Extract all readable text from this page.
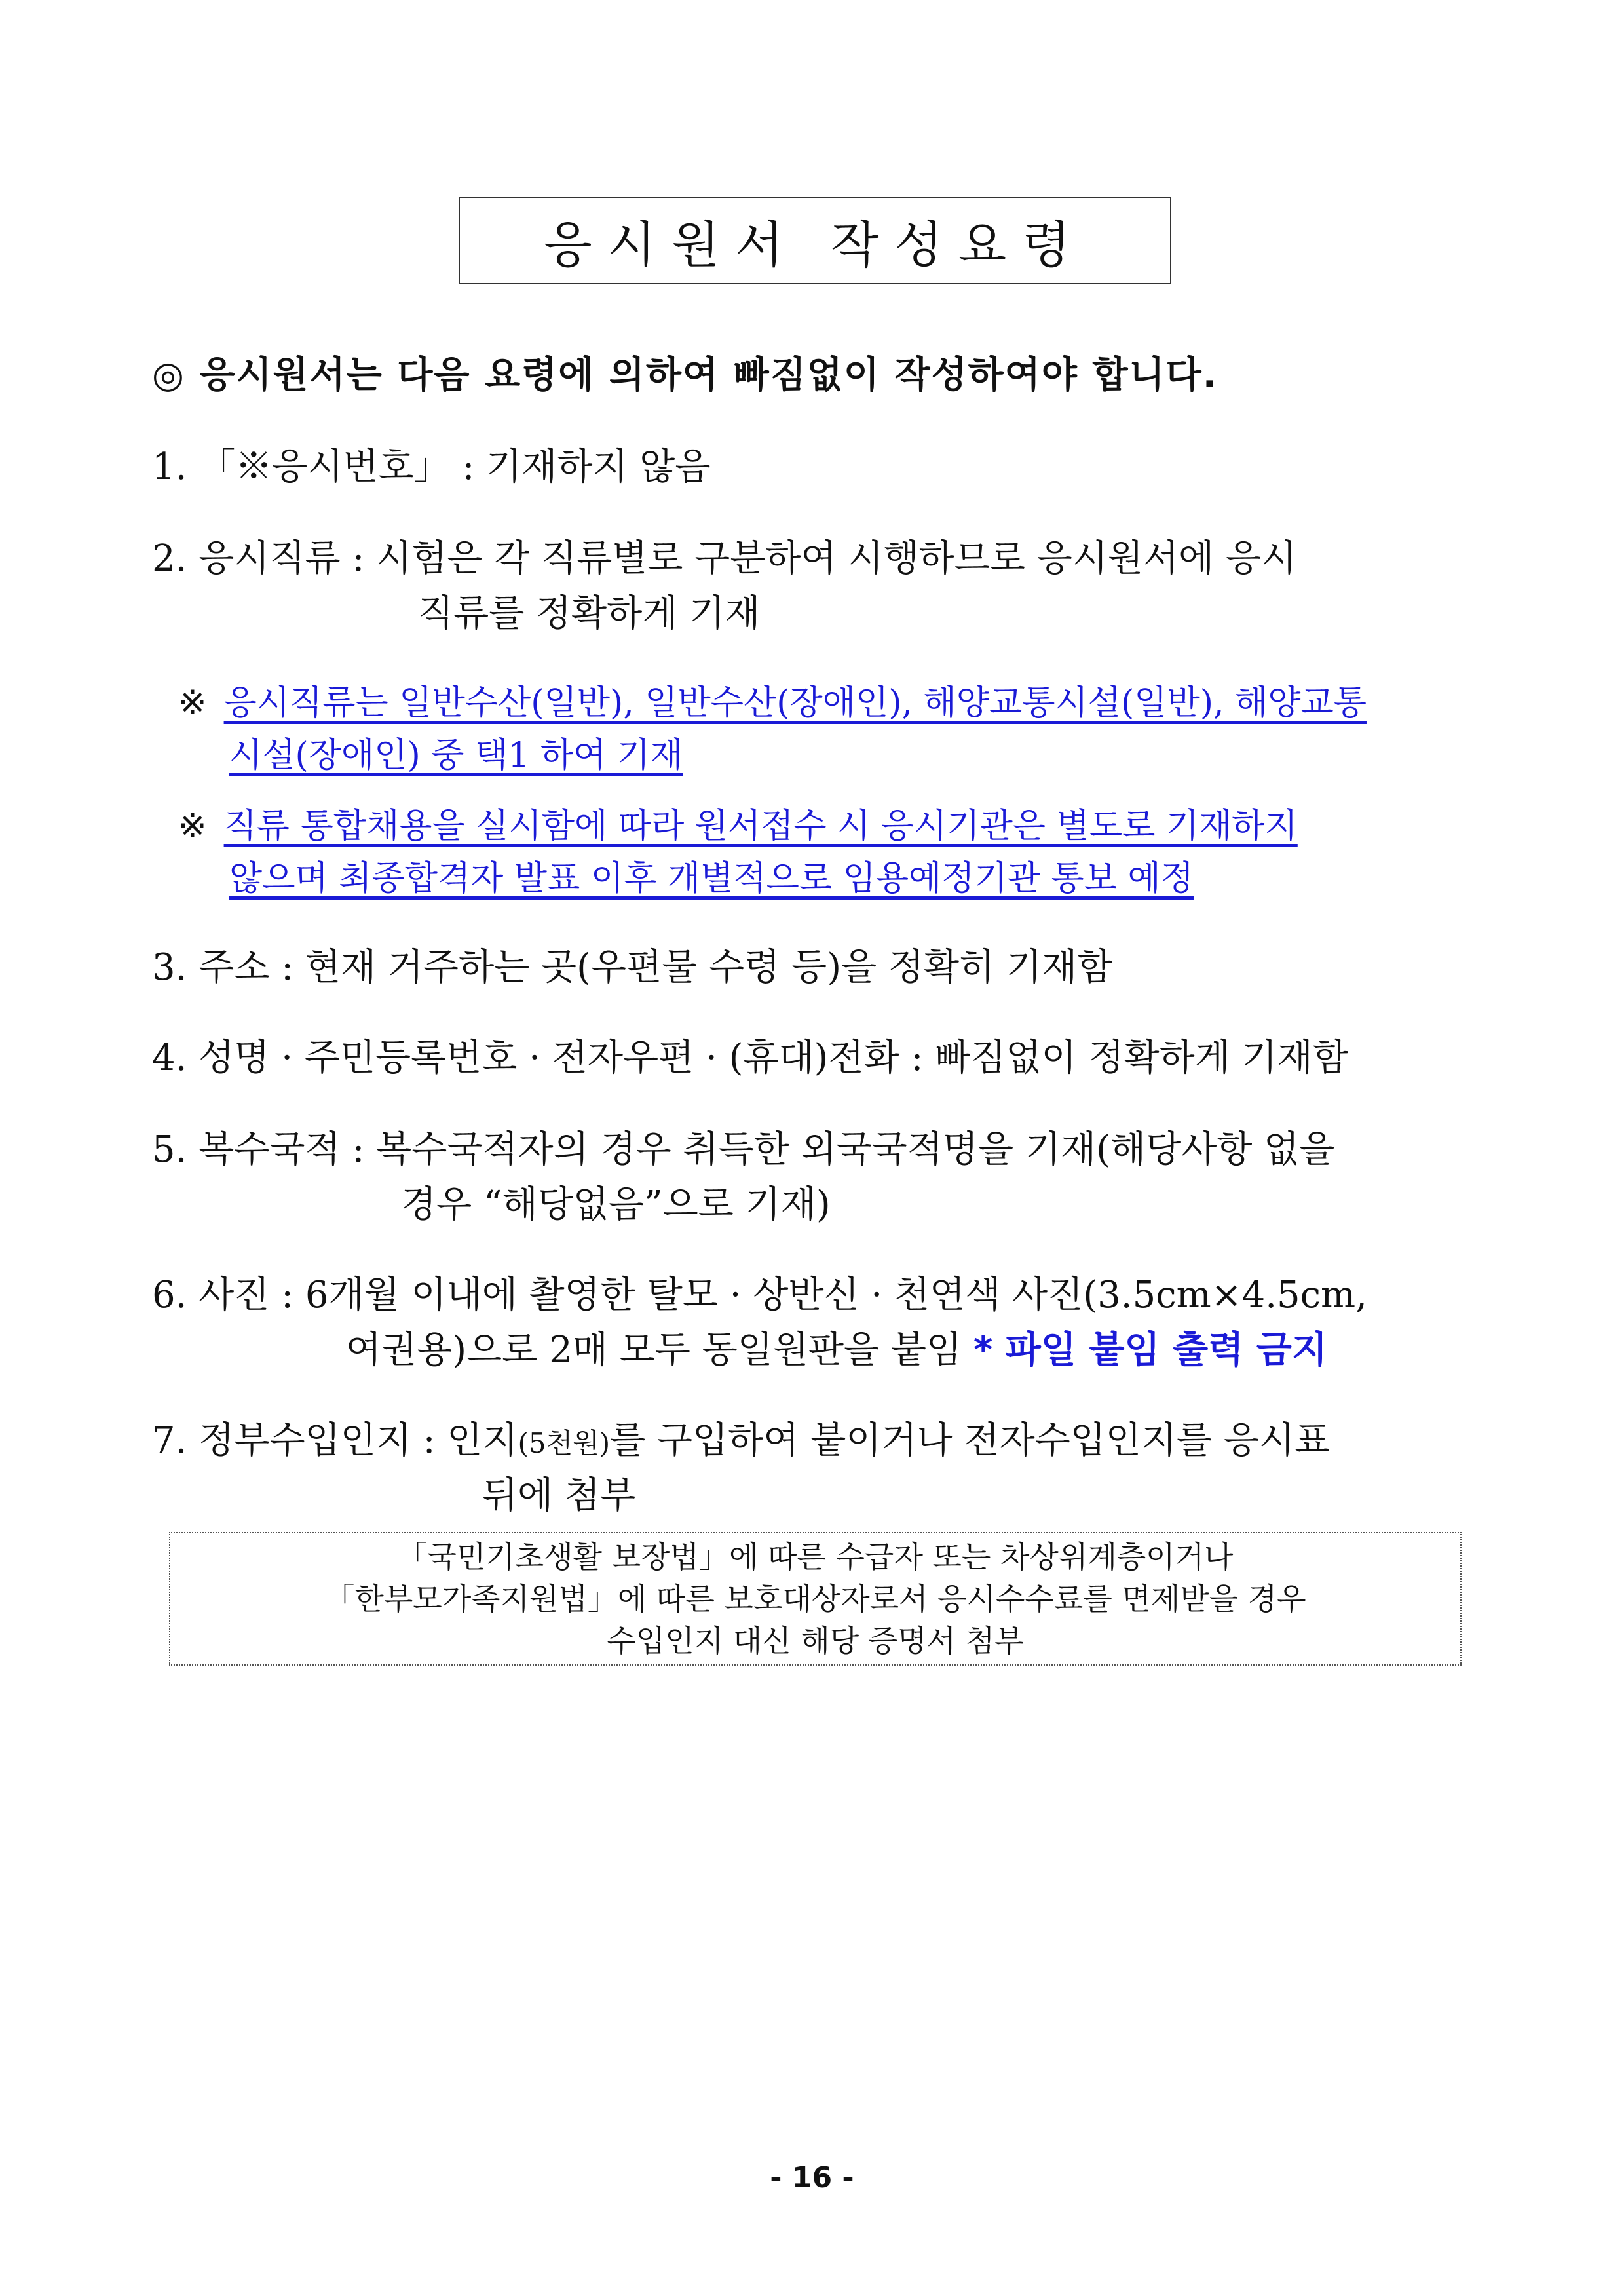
응시원서 작성요령
◎ 응시원서는 다음 요령에 의하여 빠짐없이 작성하여야 합니다.
1. 「※응시번호」 : 기재하지 않음
2. 응시직류 : 시험은 각 직류별로 구분하여 시행하므로 응시원서에 응시
직류를 정확하게 기재
※ 응시직류는 일반수산(일반), 일반수산(장애인), 해양교통시설(일반), 해양교통
시설(장애인) 중 택1 하여 기재
※ 직류 통합채용을 실시함에 따라 원서접수 시 응시기관은 별도로 기재하지
않으며 최종합격자 발표 이후 개별적으로 임용예정기관 통보 예정
3. 주소 : 현재 거주하는 곳(우편물 수령 등)을 정확히 기재함
4. 성명 · 주민등록번호 · 전자우편 · (휴대)전화 : 빠짐없이 정확하게 기재함
5. 복수국적 : 복수국적자의 경우 취득한 외국국적명을 기재(해당사항 없을
경우 “해당없음”으로 기재)
6. 사진 : 6개월 이내에 촬영한 탈모 · 상반신 · 천연색 사진(3.5cm×4.5cm,
여권용)으로 2매 모두 동일원판을 붙임 * 파일 붙임 출력 금지
7. 정부수입인지 : 인지(5천원)를 구입하여 붙이거나 전자수입인지를 응시표
뒤에 첨부
「국민기초생활 보장법」에 따른 수급자 또는 차상위계층이거나
「한부모가족지원법」에 따른 보호대상자로서 응시수수료를 면제받을 경우
수입인지 대신 해당 증명서 첨부
- 16 -
